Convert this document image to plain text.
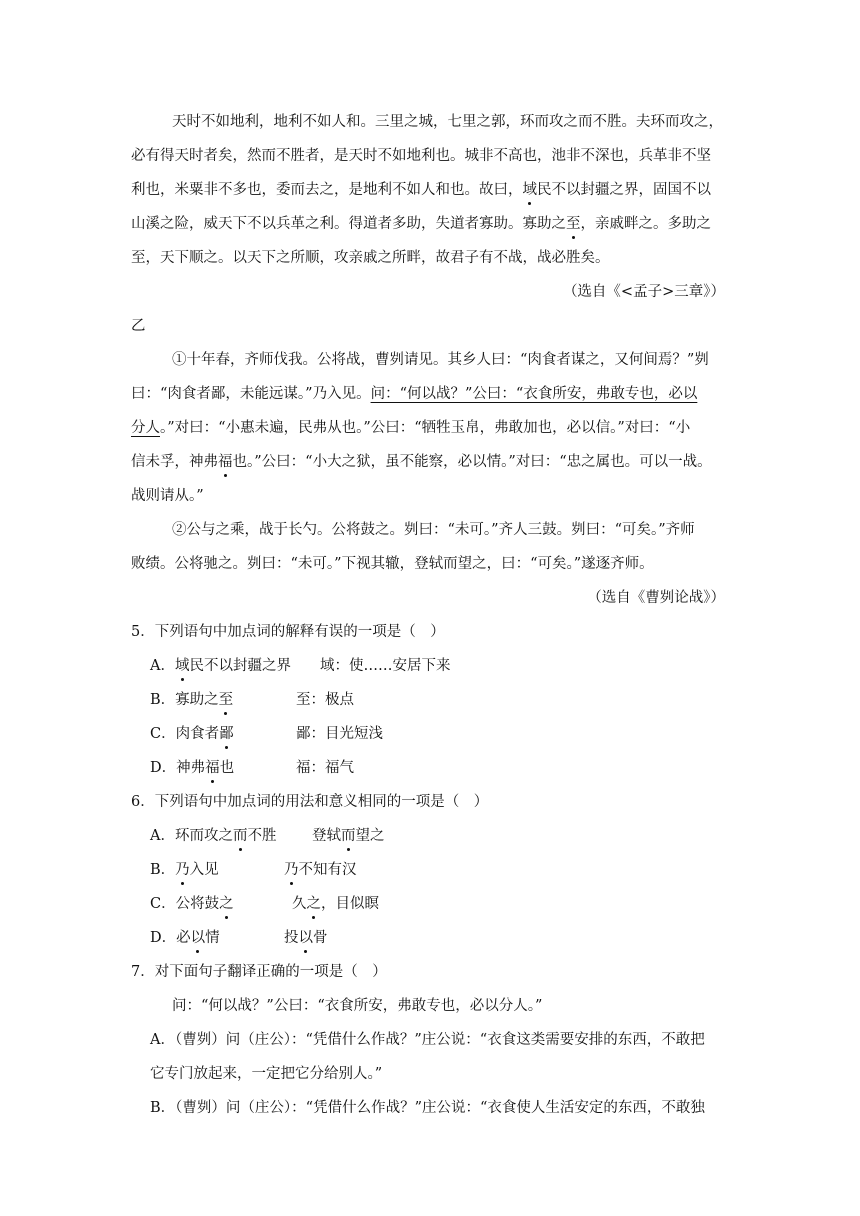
天时不如地利，地利不如人和。三里之城，七里之郭，环而攻之而不胜。夫环而攻之，
必有得天时者矣，然而不胜者，是天时不如地利也。城非不高也，池非不深也，兵革非不坚
利也，米粟非不多也，委而去之，是地利不如人和也。故曰，域民不以封疆之界，固国不以
山溪之险，威天下不以兵革之利。得道者多助，失道者寡助。寡助之至，亲戚畔之。多助之
至，天下顺之。以天下之所顺，攻亲戚之所畔，故君子有不战，战必胜矣。
（选自《<孟子>三章》）
乙
①十年春，齐师伐我。公将战，曹刿请见。其乡人曰：“肉食者谋之，又何间焉？”刿
曰：“肉食者鄙，未能远谋。”乃入见。问：“何以战？”公曰：“衣食所安，弗敢专也，必以
分人。”对曰：“小惠未遍，民弗从也。”公曰：“牺牲玉帛，弗敢加也，必以信。”对曰：“小
信未孚，神弗福也。”公曰：“小大之狱，虽不能察，必以情。”对曰：“忠之属也。可以一战。
战则请从。”
②公与之乘，战于长勺。公将鼓之。刿曰：“未可。”齐人三鼓。刿曰：“可矣。”齐师
败绩。公将驰之。刿曰：“未可。”下视其辙，登轼而望之，曰：“可矣。”遂逐齐师。
（选自《曹刿论战》）
5．下列语句中加点词的解释有误的一项是（　）
A．域民不以封疆之界 域：使……安居下来
B．寡助之至	至：极点
C．肉食者鄙	鄙：目光短浅
D．神弗福也	福：福气
6．下列语句中加点词的用法和意义相同的一项是（　）
A．环而攻之而不胜 登轼而望之
B．乃入见	乃不知有汉
C．公将鼓之	久之，目似瞑
D．必以情	投以骨
7．对下面句子翻译正确的一项是（　）
问：“何以战？”公曰：“衣食所安，弗敢专也，必以分人。”
A．（曹刿）问（庄公）：“凭借什么作战？”庄公说：“衣食这类需要安排的东西，不敢把
它专门放起来，一定把它分给别人。”
B．（曹刿）问（庄公）：“凭借什么作战？”庄公说：“衣食使人生活安定的东西，不敢独
